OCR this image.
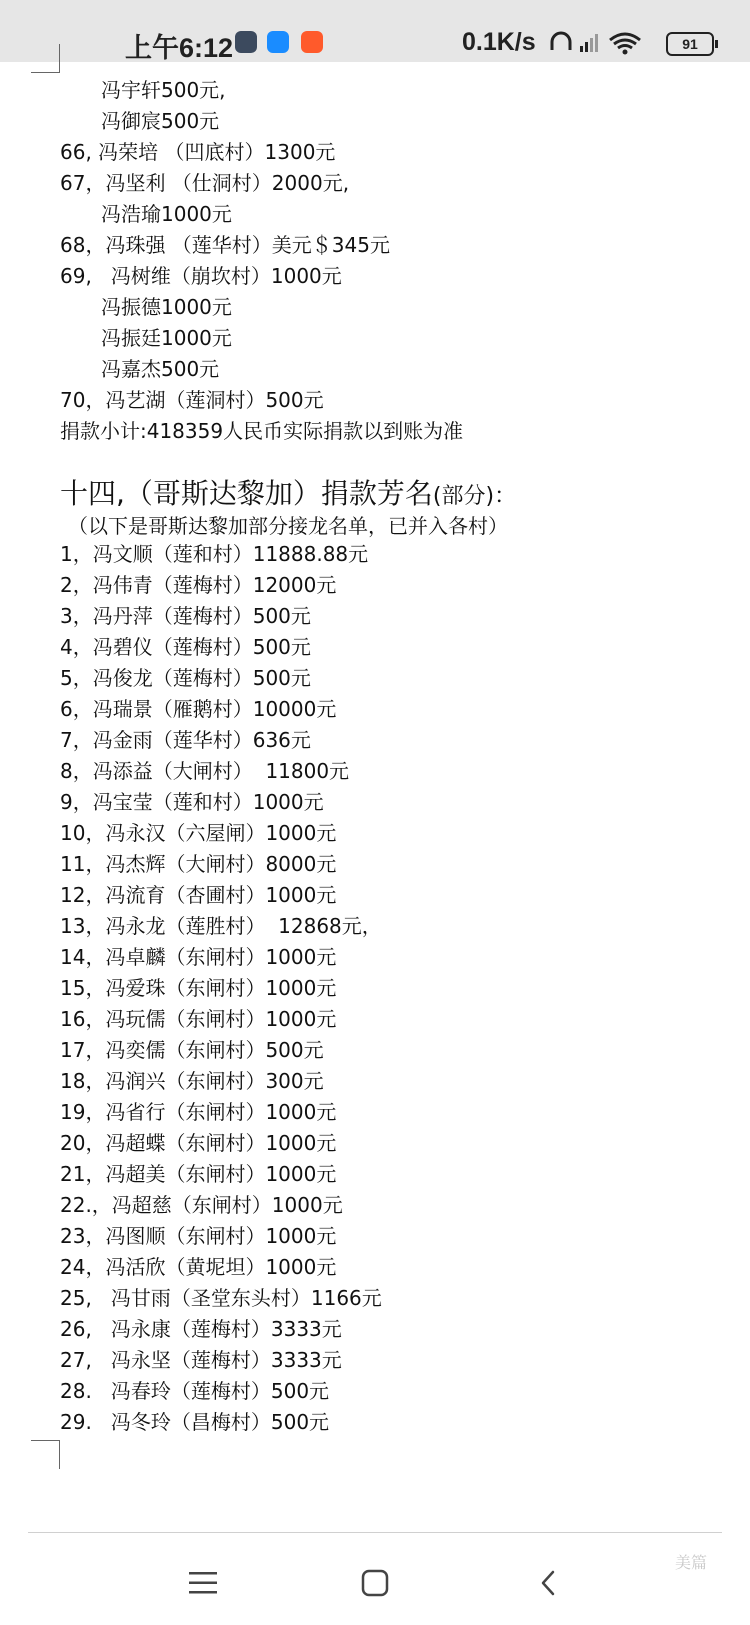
上午6:12	0.1K/s	91
冯宇轩500元,
冯御宸500元
66, 冯荣培 （凹底村）1300元
67，冯坚利 （仕洞村）2000元,
冯浩瑜1000元
68，冯珠强 （莲华村）美元＄345元
69,   冯树维（崩坎村）1000元
冯振德1000元
冯振廷1000元
冯嘉杰500元
70，冯艺湖（莲洞村）500元
捐款小计:418359人民币实际捐款以到账为准
十四,（哥斯达黎加）捐款芳名(部分)：
（以下是哥斯达黎加部分接龙名单，已并入各村）
1，冯文顺（莲和村）11888.88元
2，冯伟青（莲梅村）12000元
3，冯丹萍（莲梅村）500元
4，冯碧仪（莲梅村）500元
5，冯俊龙（莲梅村）500元
6，冯瑞景（雁鹅村）10000元
7，冯金雨（莲华村）636元
8，冯添益（大闸村）  11800元
9，冯宝莹（莲和村）1000元
10，冯永汉（六屋闸）1000元
11，冯杰辉（大闸村）8000元
12，冯流育（杏圃村）1000元
13，冯永龙（莲胜村）  12868元，
14，冯卓麟（东闸村）1000元
15，冯爱珠（东闸村）1000元
16，冯玩儒（东闸村）1000元
17，冯奕儒（东闸村）500元
18，冯润兴（东闸村）300元
19，冯省行（东闸村）1000元
20，冯超蝶（东闸村）1000元
21，冯超美（东闸村）1000元
22.，冯超慈（东闸村）1000元
23，冯图顺（东闸村）1000元
24，冯活欣（黄坭坦）1000元
25,   冯甘雨（圣堂东头村）1166元
26,   冯永康（莲梅村）3333元
27,   冯永坚（莲梅村）3333元
28.   冯春玲（莲梅村）500元
29.   冯冬玲（昌梅村）500元
美篇
